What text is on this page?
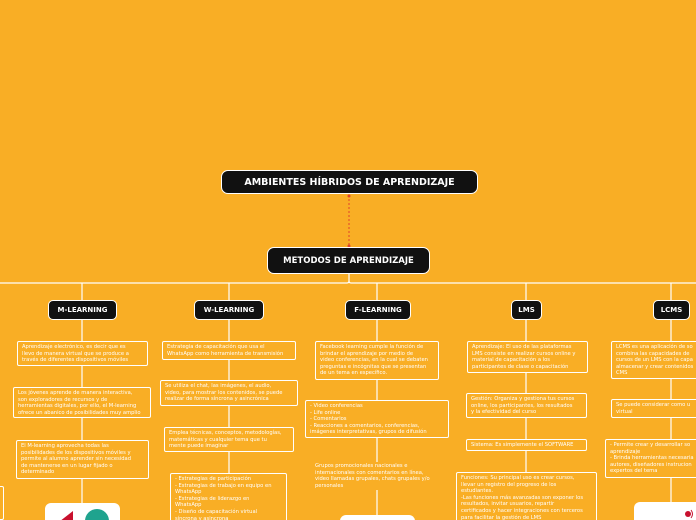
AMBIENTES HÍBRIDOS DE APRENDIZAJE
METODOS DE APRENDIZAJE
M-LEARNING
Aprendizaje electrónico, es decir que es
llevo de manera virtual que se produce a
través de diferentes dispositivos móviles
Los jóvenes aprende de manera interactiva,
son exploradores de recursos y de
herramientas digitales, por ello, el M-learning
ofrece un abanico de posibilidades muy amplio
El M-learning aprovecha todas las
posibilidades de los dispositivos móviles y
permite al alumno aprender sin necesidad
de mantenerse en un lugar fijado o
determinado
W-LEARNING
Estrategia de capacitación que usa el
WhatsApp como herramienta de transmisión
Se utiliza el chat, las imágenes, el audio,
video, para mostrar los contenidos, se puede
realizar de forma síncrona y asincrónica
Emplea técnicas, conceptos, metodologías,
matemáticas y cualquier tema que tu
mente puede imaginar
- Estrategias de participación
- Estrategias de trabajo en equipo en
WhatsApp
- Estrategias de liderazgo en
WhatsApp
- Diseño de capacitación virtual
síncrona y asincrona
F-LEARNING
Facebook learning cumple la función de
brindar el aprendizaje por medio de
video conferencias, en la cual se debaten
preguntas e incógnitas que se presentan
de un tema en específico.
- Video conferencias
- Life online
- Comentarios
- Reacciones a comentarios, conferencias,
imágenes interpretativas, grupos de difusión
Grupos promocionales nacionales e
internacionales con comentarios en línea,
video llamadas grupales, chats grupales y/o
personales
LMS
Aprendizaje: El uso de las plataformas
LMS consiste en realizar cursos online y
material de capacitación a los
participantes de clase o capacitación
Gestión: Organiza y gestiona tus cursos
online, los participantes, los resultados
y la efectividad del curso
Sistema: Es simplemente el SOFTWARE
Funciones: Su principal uso es crear cursos,
llevar un registro del progreso de los
estudiantes.
-Las funciones más avanzadas son exponer los
resultados, invitar usuarios, repartir
certificados y hacer integraciones con terceros
para facilitar la gestión de LMS
LCMS
LCMS es una aplicación de so
combina las capacidades de
cursos de un LMS con la capa
almacenar y crear contenidos
CMS
Se puede considerar como u
virtual
- Permite crear y desarrollar so
aprendizaje
- Brinda herramientas necesaria
autores, diseñadores instrucion
expertos del tema
